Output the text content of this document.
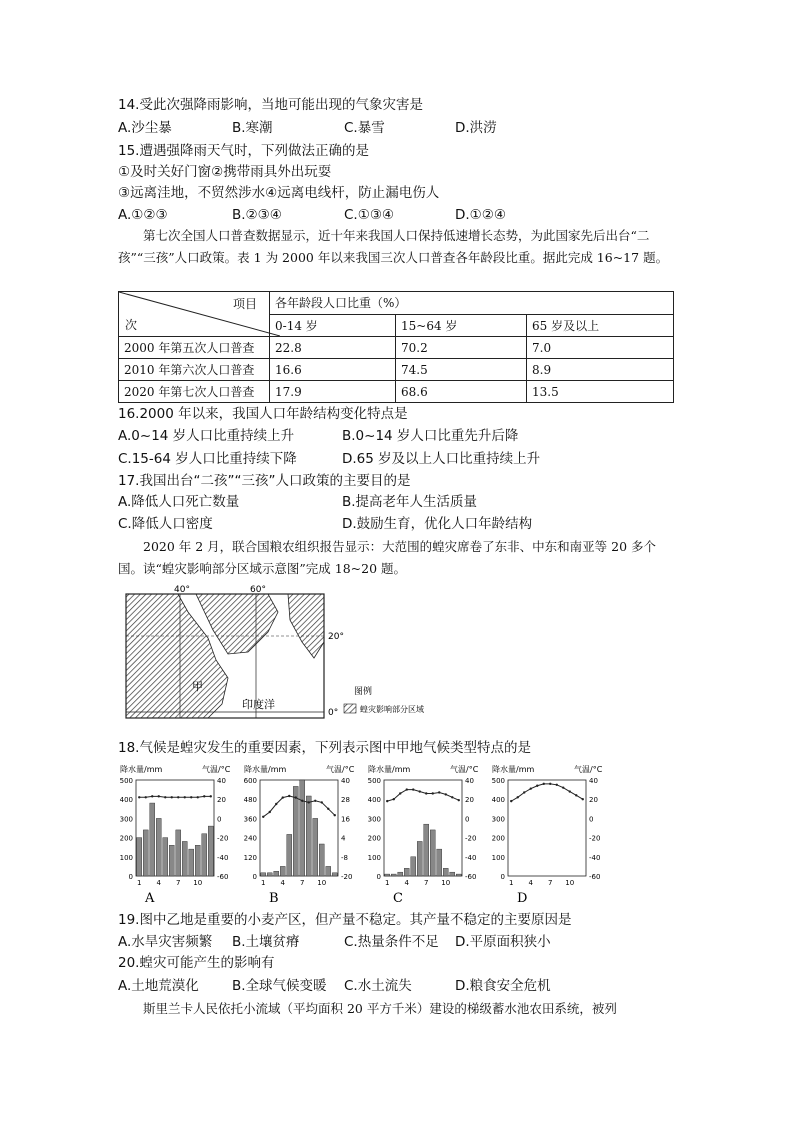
14.受此次强降雨影响，当地可能出现的气象灾害是
A.沙尘暴	B.寒潮	C.暴雪	D.洪涝
15.遭遇强降雨天气时，下列做法正确的是
①及时关好门窗②携带雨具外出玩耍
③远离洼地，不贸然涉水④远离电线杆，防止漏电伤人
A.①②③	B.②③④	C.①③④	D.①②④
第七次全国人口普查数据显示，近十年来我国人口保持低速增长态势，为此国家先后出台“二孩”“三孩”人口政策。表 1 为 2000 年以来我国三次人口普查各年龄段比重。据此完成 16~17 题。
项目
次	各年龄段人口比重（%）		
	0-14 岁	15~64 岁	65 岁及以上
2000 年第五次人口普查	22.8	70.2	7.0
2010 年第六次人口普查	16.6	74.5	8.9
2020 年第七次人口普查	17.9	68.6	13.5
16.2000 年以来，我国人口年龄结构变化特点是
A.0~14 岁人口比重持续上升	B.0~14 岁人口比重先升后降
C.15-64 岁人口比重持续下降	D.65 岁及以上人口比重持续上升
17.我国出台“二孩”“三孩”人口政策的主要目的是
A.降低人口死亡数量	B.提高老年人生活质量
C.降低人口密度	D.鼓励生育，优化人口年龄结构
2020 年 2 月，联合国粮农组织报告显示：大范围的蝗灾席卷了东非、中东和南亚等 20 多个国。读“蝗灾影响部分区域示意图”完成 18~20 题。
40°	60°
20°
0°
印度洋
甲	图例
蝗灾影响部分区域
18.气候是蝗灾发生的重要因素，下列表示图中甲地气候类型特点的是
降水量/mm	气温/°C
0	-60
100	-40
200	-20
300	0
400	20
500	40
1 4 7 10
A
降水量/mm	气温/°C
0	-20
120	-8
240	4
360	16
480	28
600	40
1 4 7 10
B
降水量/mm	气温/°C
0	-60
100	-40
200	-20
300	0
400	20
500	40
1 4 7 10
C
降水量/mm	气温/°C
0	-60
100	-40
200	-20
300	0
400	20
500	40
1 4 7 10
D
19.图中乙地是重要的小麦产区，但产量不稳定。其产量不稳定的主要原因是
A.水旱灾害频繁 B.土壤贫瘠	C.热量条件不足 D.平原面积狭小
20.蝗灾可能产生的影响有
A.土地荒漠化 B.全球气候变暖 C.水土流失	D.粮食安全危机
斯里兰卡人民依托小流域（平均面积 20 平方千米）建设的梯级蓄水池农田系统，被列
